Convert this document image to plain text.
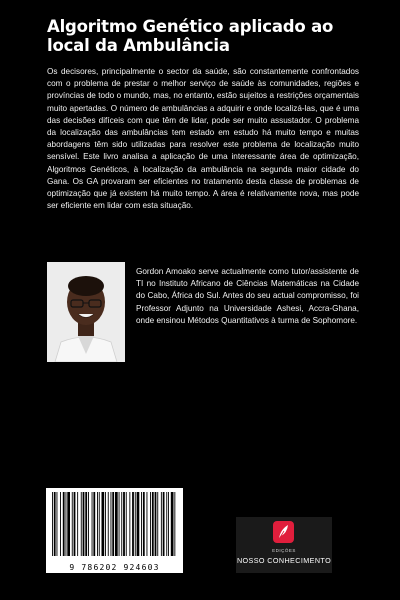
Algoritmo Genético aplicado ao local da Ambulância
Os decisores, principalmente o sector da saúde, são constantemente confrontados com o problema de prestar o melhor serviço de saúde às comunidades, regiões e províncias de todo o mundo, mas, no entanto, estão sujeitos a restrições orçamentais muito apertadas. O número de ambulâncias a adquirir e onde localizá-las, que é uma das decisões difíceis com que têm de lidar, pode ser muito assustador. O problema da localização das ambulâncias tem estado em estudo há muito tempo e muitas abordagens têm sido utilizadas para resolver este problema de localização muito sensível. Este livro analisa a aplicação de uma interessante área de optimização, Algoritmos Genéticos, à localização da ambulância na segunda maior cidade do Gana. Os GA provaram ser eficientes no tratamento desta classe de problemas de optimização que já existem há muito tempo. A área é relativamente nova, mas pode ser eficiente em lidar com esta situação.
Gordon Amoako serve actualmente como tutor/assistente de TI no Instituto Africano de Ciências Matemáticas na Cidade do Cabo, África do Sul. Antes do seu actual compromisso, foi Professor Adjunto na Universidade Ashesi, Accra-Ghana, onde ensinou Métodos Quantitativos à turma de Sophomore.
9 786202 924603
EDIÇÕES
NOSSO CONHECIMENTO
